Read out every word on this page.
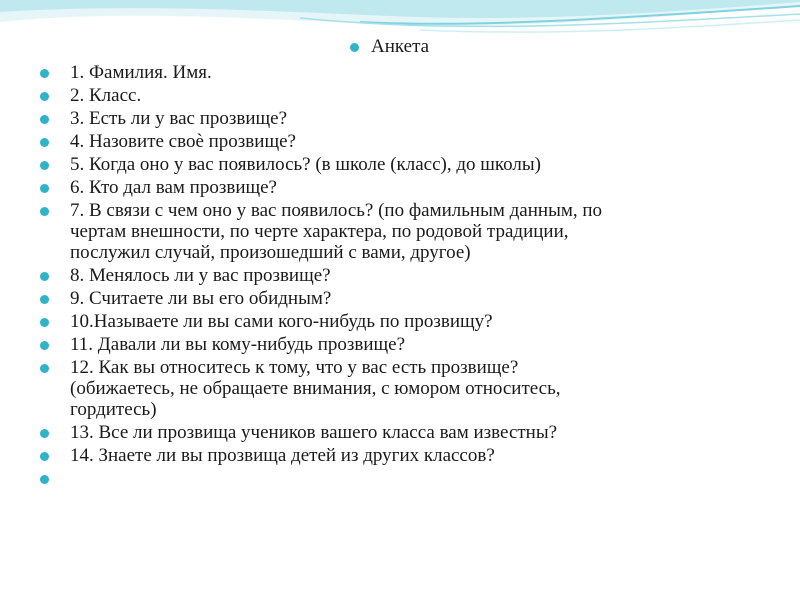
Анкета
1. Фамилия. Имя.
2. Класс.
3. Есть ли у вас прозвище?
4. Назовите своѐ прозвище?
5. Когда оно у вас появилось? (в школе (класс), до школы)
6. Кто дал вам прозвище?
7. В связи с чем оно у вас появилось? (по фамильным данным, по
чертам внешности, по черте характера, по родовой традиции,
послужил случай, произошедший с вами, другое)
8. Менялось ли у вас прозвище?
9. Считаете ли вы его обидным?
10.Называете ли вы сами кого-нибудь по прозвищу?
11. Давали ли вы кому-нибудь прозвище?
12. Как вы относитесь к тому, что у вас есть прозвище?
(обижаетесь, не обращаете внимания, с юмором относитесь,
гордитесь)
13. Все ли прозвища учеников вашего класса вам известны?
14. Знаете ли вы прозвища детей из других классов?
